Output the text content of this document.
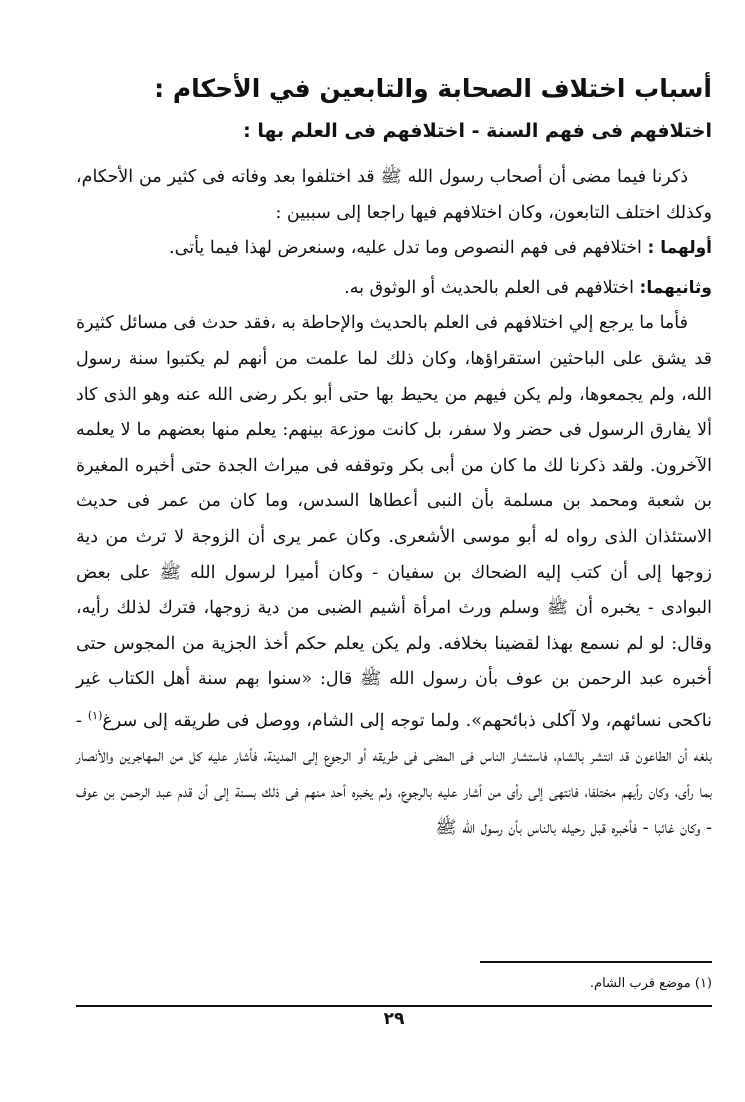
أسباب اختلاف الصحابة والتابعين في الأحكام :
اختلافهم فى فهم السنة - اختلافهم فى العلم بها :

ذكرنا فيما مضى أن أصحاب رسول الله ﷺ قد اختلفوا بعد وفاته فى كثير من الأحكام، وكذلك اختلف التابعون، وكان اختلافهم فيها راجعا إلى سببين :

أولهما : اختلافهم فى فهم النصوص وما تدل عليه، وسنعرض لهذا فيما يأتى.

وثانيهما: اختلافهم فى العلم بالحديث أو الوثوق به.

فأما ما يرجع إلي اختلافهم فى العلم بالحديث والإحاطة به ،فقد حدث فى مسائل كثيرة قد يشق على الباحثين استقراؤها، وكان ذلك لما علمت من أنهم لم يكتبوا سنة رسول الله، ولم يجمعوها، ولم يكن فيهم من يحيط بها حتى أبو بكر رضى الله عنه وهو الذى كاد ألا يفارق الرسول فى حضر ولا سفر، بل كانت موزعة بينهم: يعلم منها بعضهم ما لا يعلمه الآخرون. ولقد ذكرنا لك ما كان من أبى بكر وتوقفه فى ميراث الجدة حتى أخبره المغيرة بن شعبة ومحمد بن مسلمة بأن النبى أعطاها السدس، وما كان من عمر فى حديث الاستئذان الذى رواه له أبو موسى الأشعرى. وكان عمر يرى أن الزوجة لا ترث من دية زوجها إلى أن كتب إليه الضحاك بن سفيان - وكان أميرا لرسول الله ﷺ على بعض البوادى - يخبره أن ﷺ وسلم ورث امرأة أشيم الضبى من دية زوجها، فترك لذلك رأيه، وقال: لو لم نسمع بهذا لقضينا بخلافه. ولم يكن يعلم حكم أخذ الجزية من المجوس حتى أخبره عبد الرحمن بن عوف بأن رسول الله ﷺ قال: «سنوا بهم سنة أهل الكتاب غير ناكحى نسائهم، ولا آكلى ذبائحهم». ولما توجه إلى الشام، ووصل فى طريقه إلى سرغ$^{(١)}$ - بلغه أن الطاعون قد انتشر بالشام، فاستشار الناس فى المضى فى طريقه أو الرجوع إلى المدينة، فأشار عليه كل من المهاجرين والأنصار بما رأى، وكان رأيهم مختلفا، فانتهى إلى رأى من أشار عليه بالرجوع، ولم يخبره أحد منهم فى ذلك بسنة إلى أن قدم عبد الرحمن بن عوف - وكان غائبا - فأخبره قبل رحيله بالناس بأن رسول الله ﷺ

(١) موضع قرب الشام.
٢٩
